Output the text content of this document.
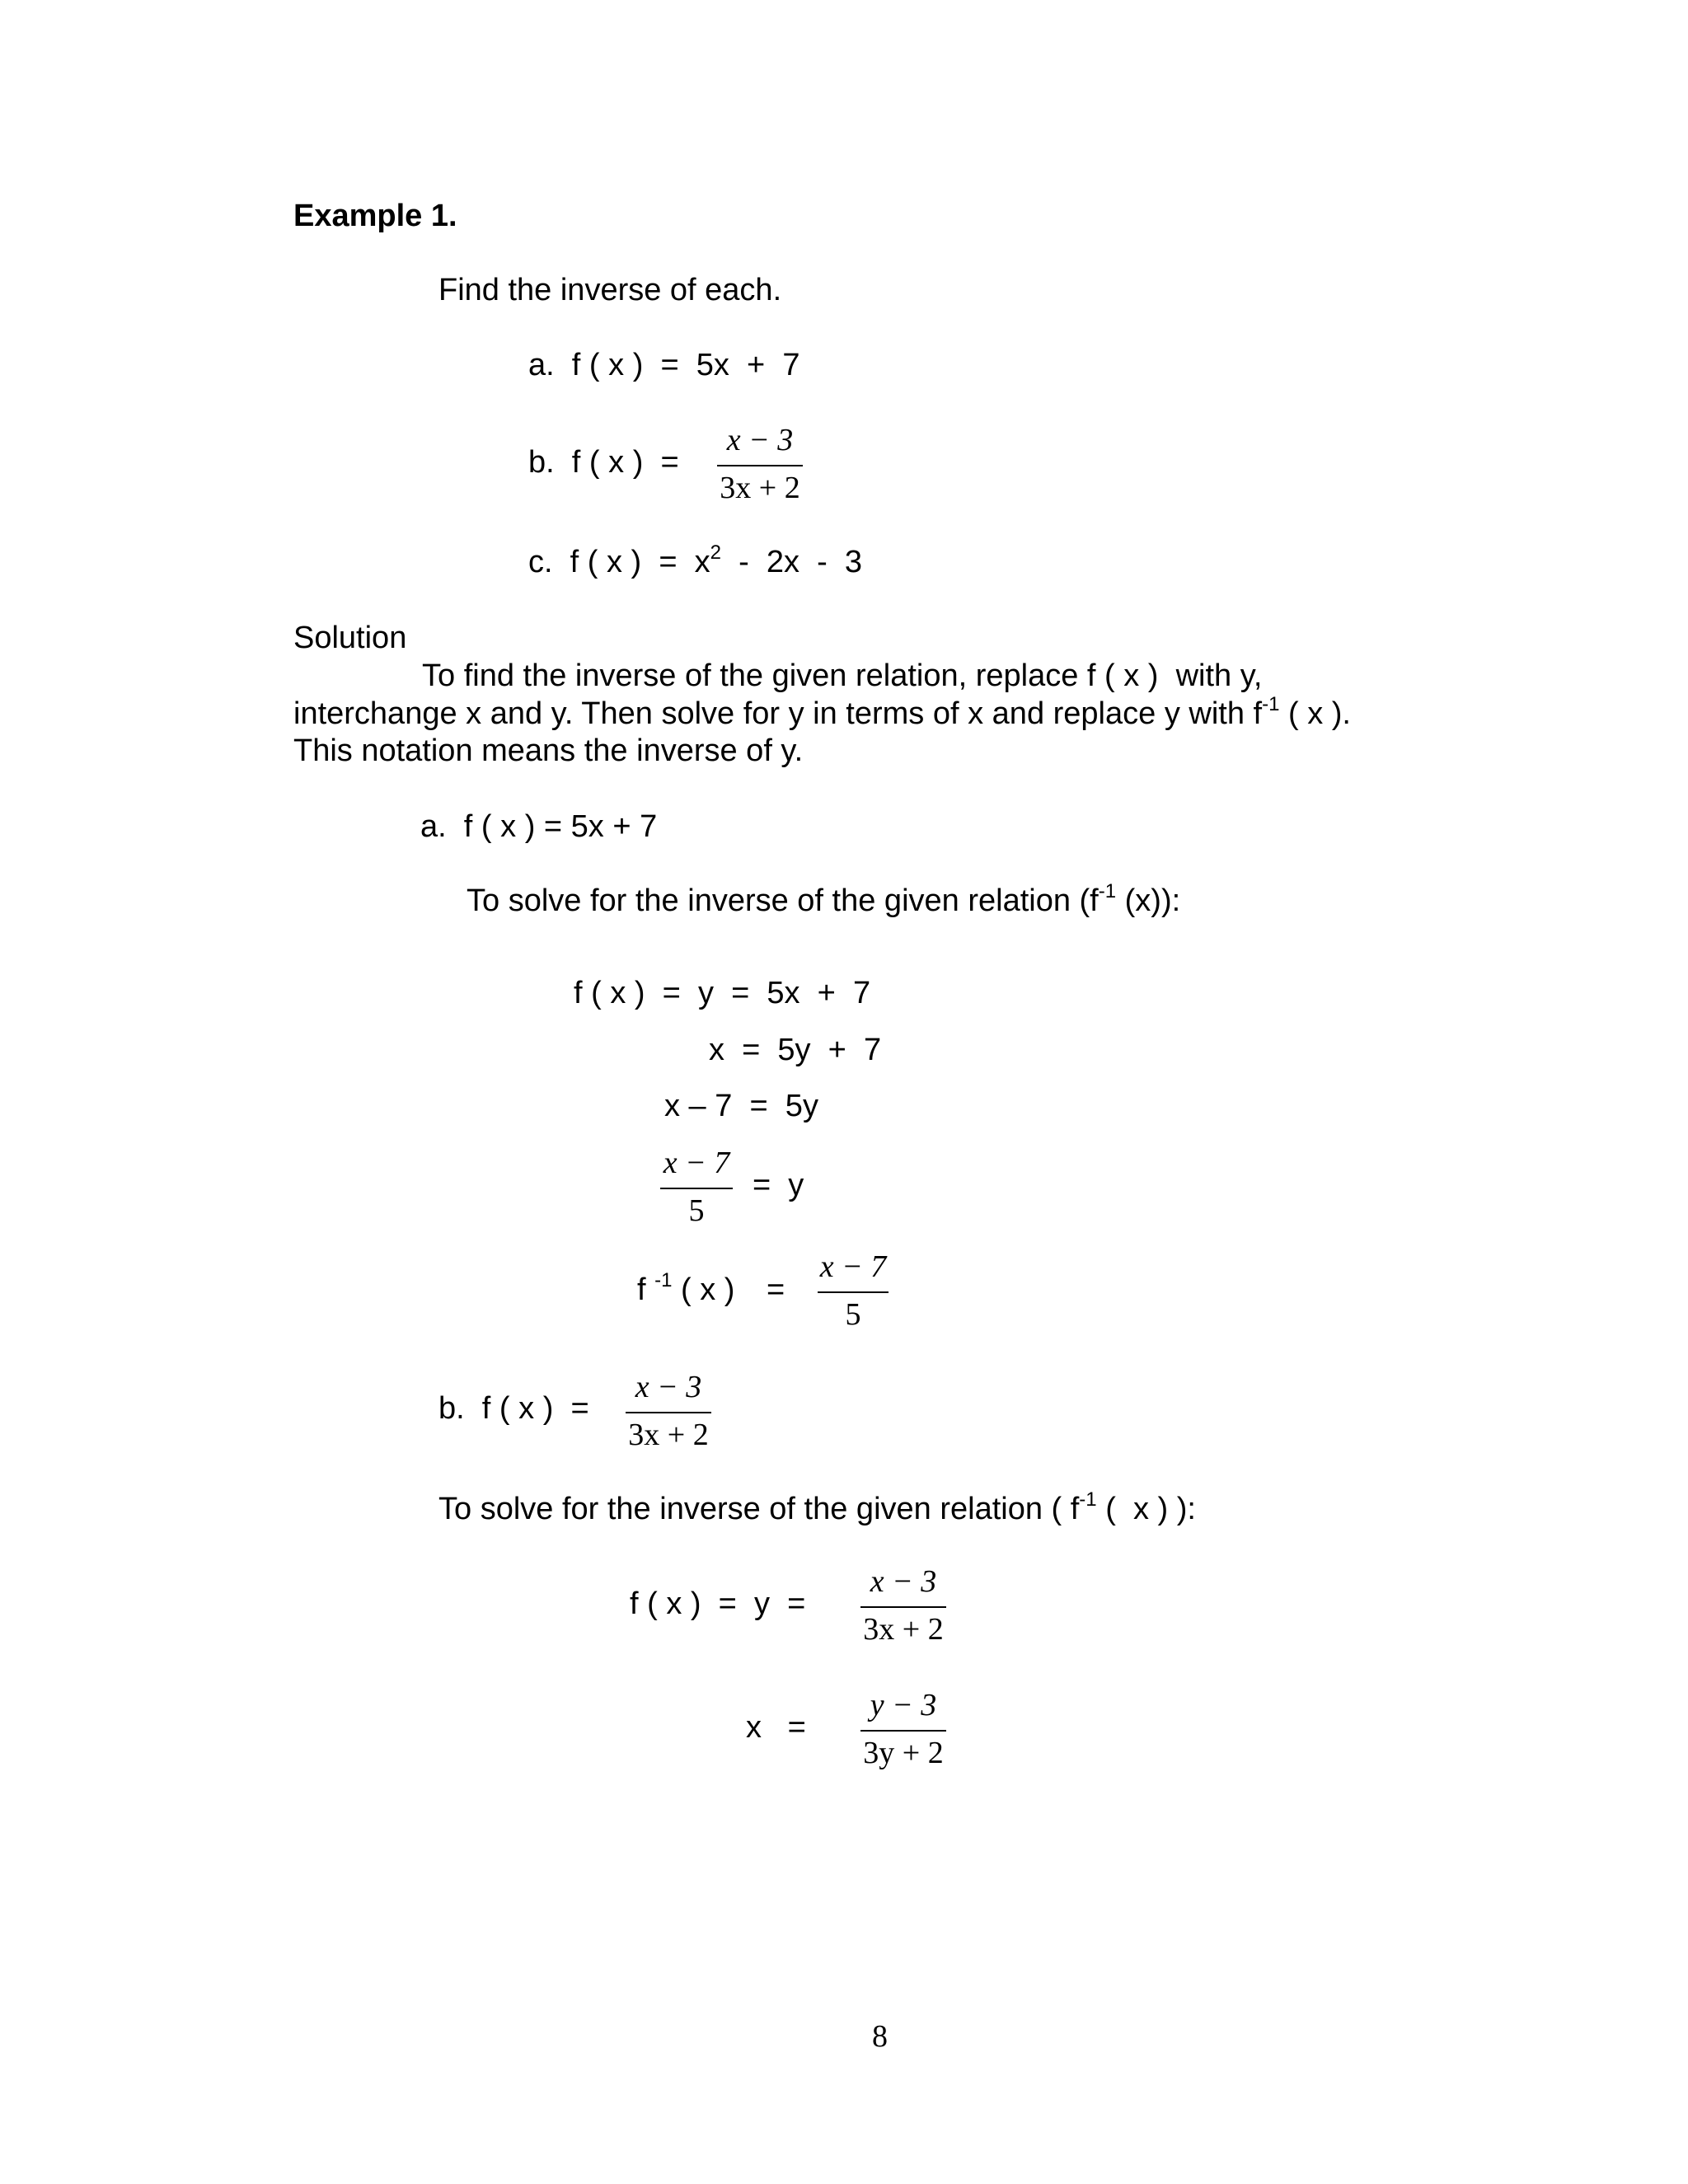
Example 1.
Find the inverse of each.
a.  f ( x )  =  5x  +  7
b.  f ( x )  =
x − 3
3x + 2
c.  f ( x )  =  $x^2 - 2x - 3$
Solution
To find the inverse of the given relation, replace f ( x )  with y,
interchange x and y. Then solve for y in terms of x and replace y with $f^{-1}$ ( x ).
This notation means the inverse of y.
a.  f ( x ) = 5x + 7
To solve for the inverse of the given relation ($f^{-1}$ (x)):
f ( x )  =  y  =  5x  +  7
x  =  5y  +  7
x – 7  =  5y
x − 7
5
=  y
f $^{-1}$ ( x ) =
x − 7
5
b.  f ( x )  =
x − 3
3x + 2
To solve for the inverse of the given relation ( $f^{-1}$ (  x ) ):
f ( x )  =  y  =
x − 3
3x + 2
x   =
y − 3
3y + 2
8
